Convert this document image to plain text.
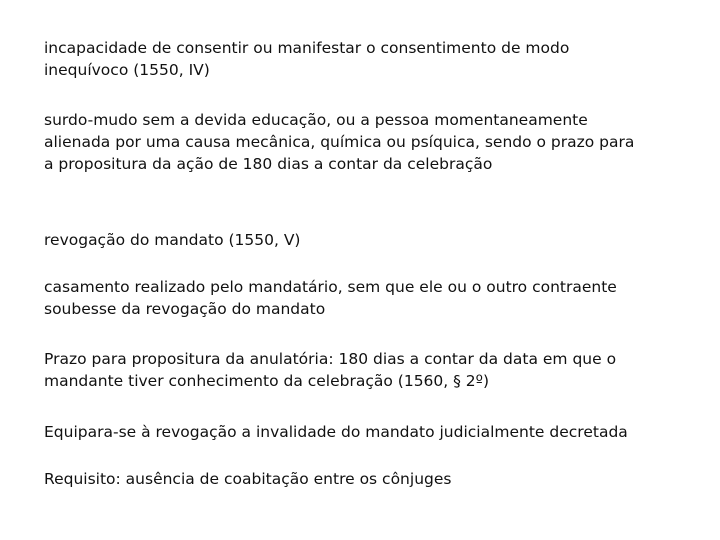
incapacidade de consentir ou manifestar o consentimento de modo
inequívoco (1550, IV)

surdo-mudo sem a devida educação, ou a pessoa momentaneamente
alienada por uma causa mecânica, química ou psíquica, sendo o prazo para
a propositura da ação de 180 dias a contar da celebração

revogação do mandato (1550, V)

casamento realizado pelo mandatário, sem que ele ou o outro contraente
soubesse da revogação do mandato

Prazo para propositura da anulatória: 180 dias a contar da data em que o
mandante tiver conhecimento da celebração (1560, § 2º)

Equipara-se à revogação a invalidade do mandato judicialmente decretada

Requisito: ausência de coabitação entre os cônjuges
